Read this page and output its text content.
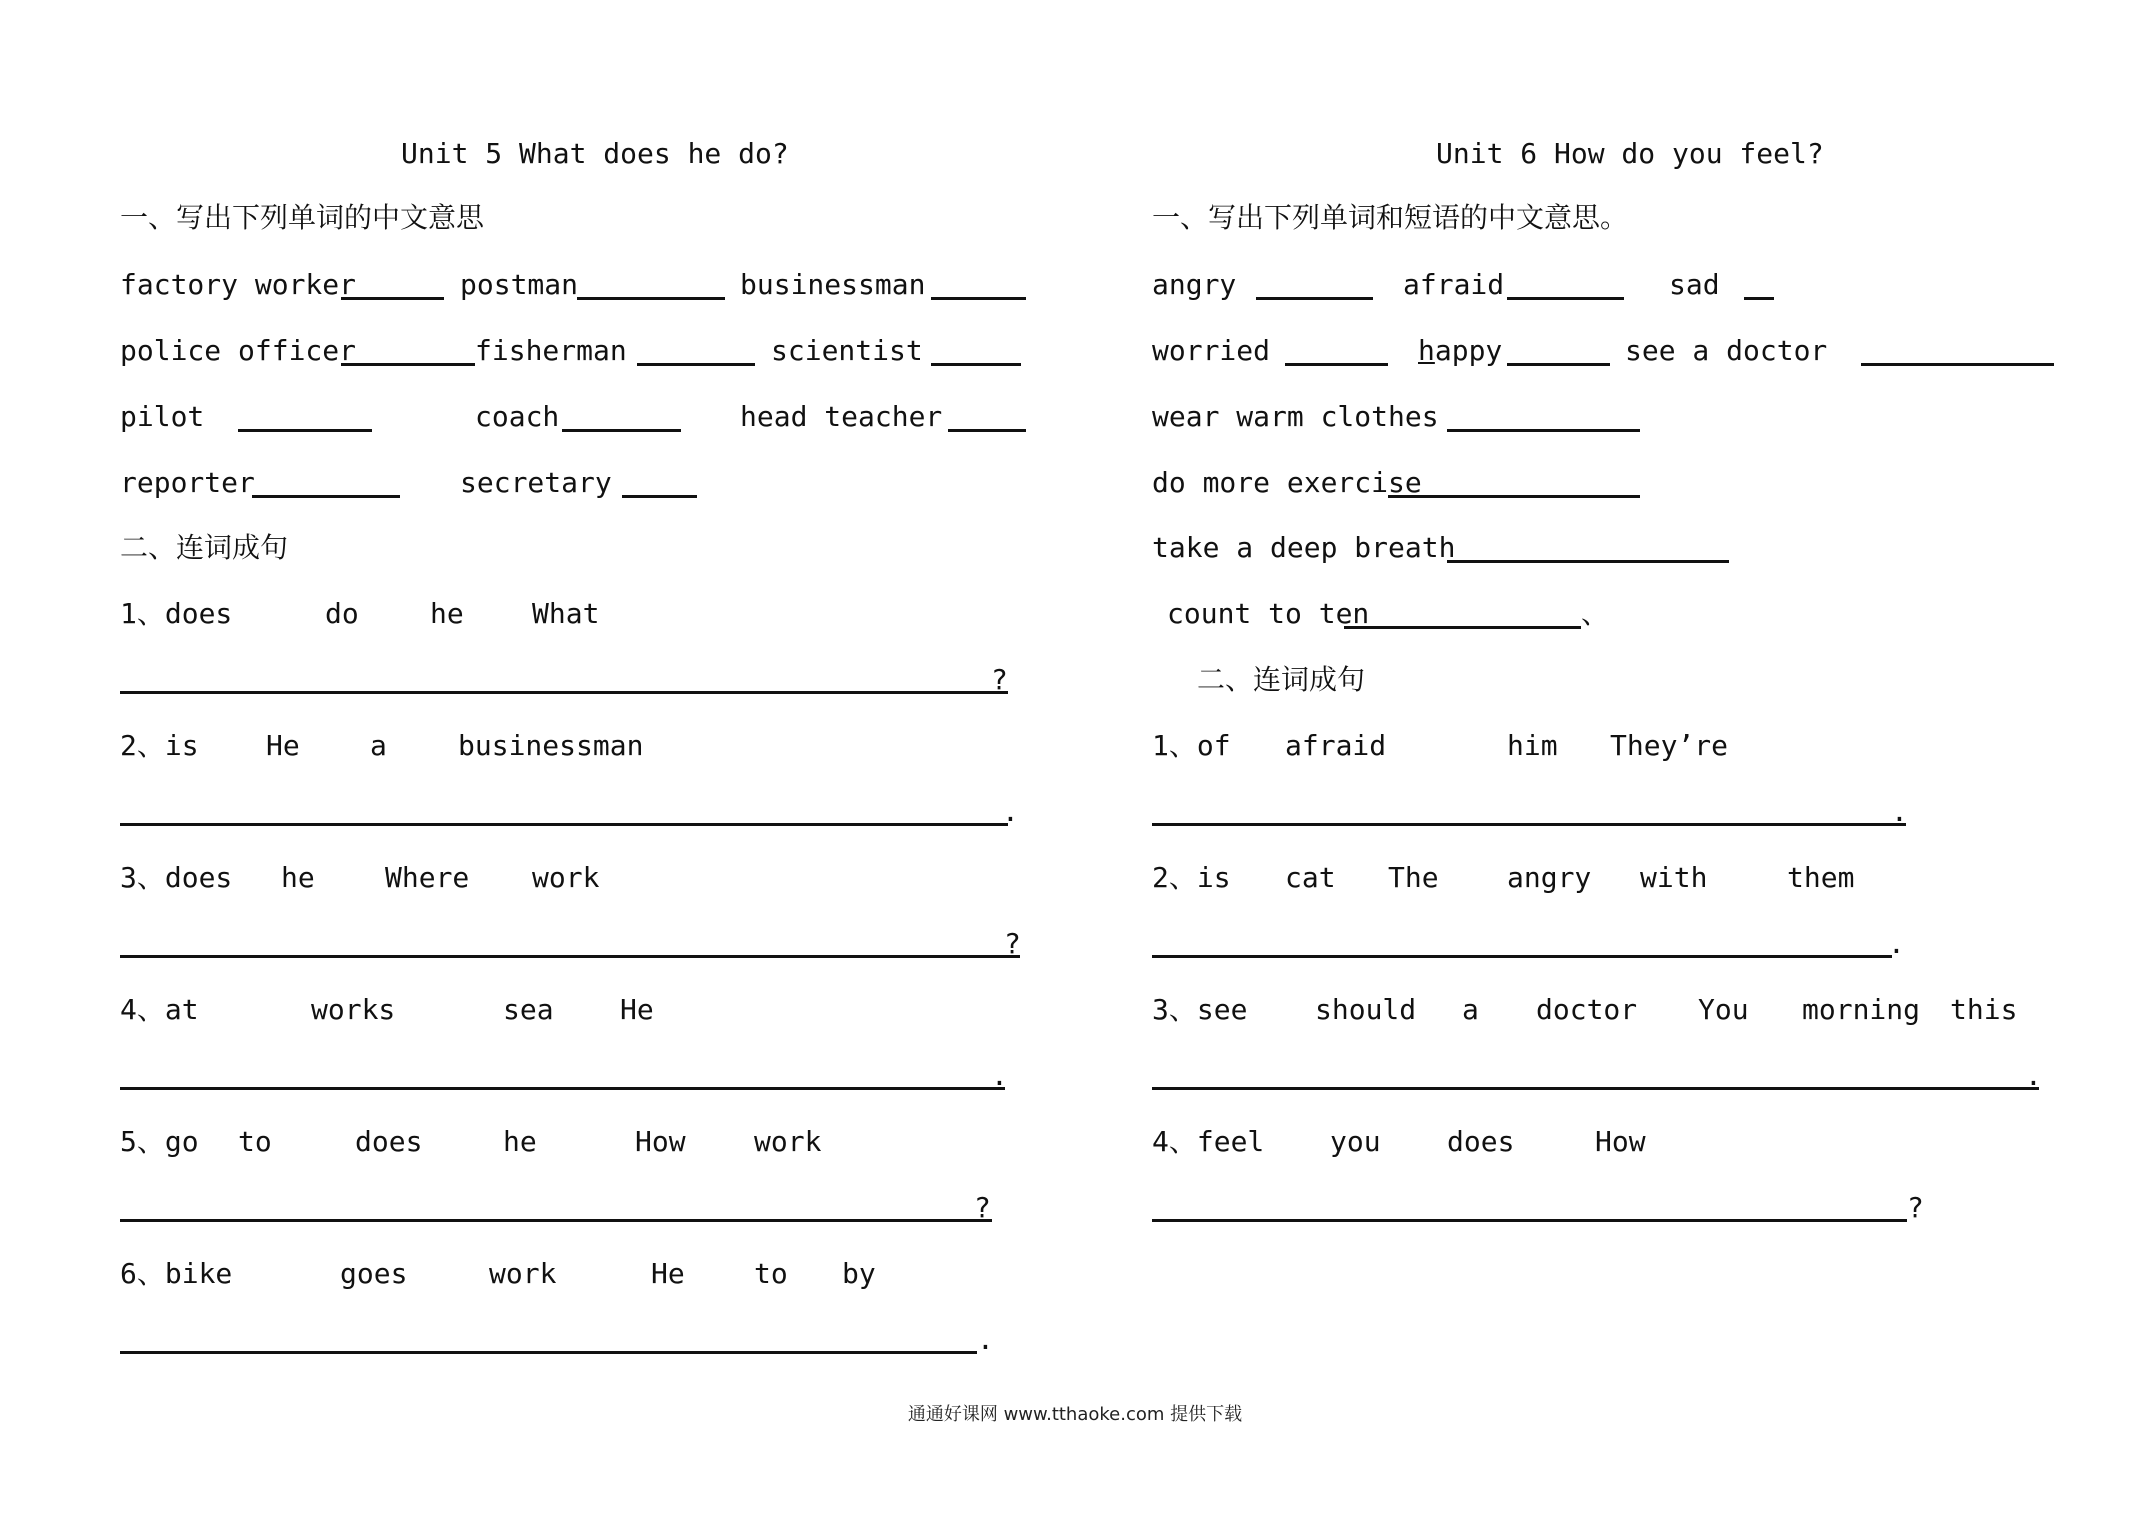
Unit 5 What does he do?
一、写出下列单词的中文意思
factory worker	postman	businessman
police officer	fisherman	scientist
pilot	coach	head teacher
reporter	secretary
二、连词成句
1、does	do	he What
?
2、is He	a	businessman
.
3、does he	Where work
?
4、at	works	sea He
.
5、go to	does	he	How work
?
6、bike	goes	work	He to by
.
Unit 6 How do you feel?
一、写出下列单词和短语的中文意思。
angry	afraid	sad
worried	happy	see a doctor
wear warm clothes
do more exercise
take a deep breath
count to ten	、
二、连词成句
1、of afraid	him They’re
.
2、is cat The angry with	them
.
3、see should a doctor You morning this
.
4、feel you does	How
?
通通好课网 www.tthaoke.com 提供下载
